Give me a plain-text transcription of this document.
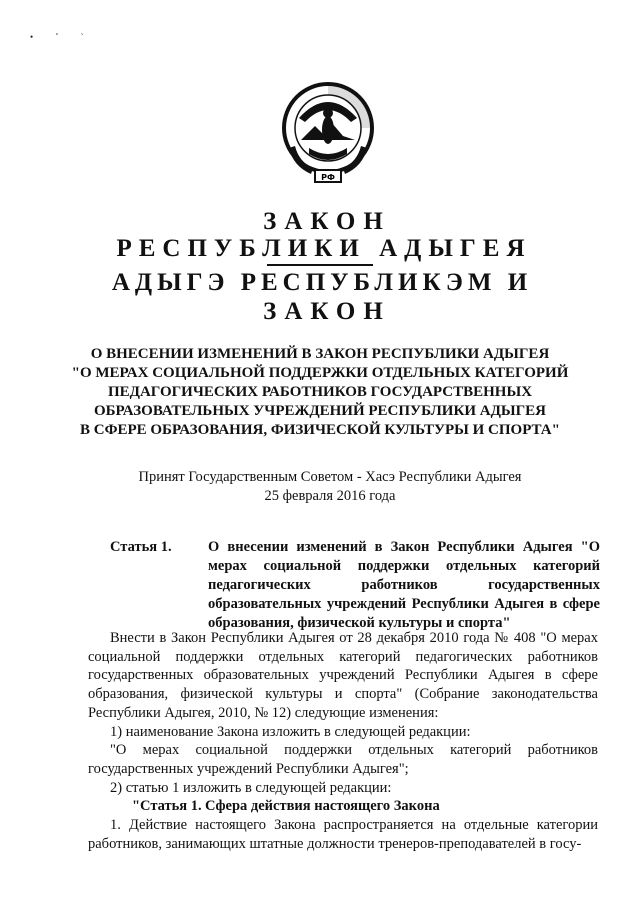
• ˚ `
РФ
ЗАКОН
РЕСПУБЛИКИ АДЫГЕЯ
АДЫГЭ РЕСПУБЛИКЭМ И
ЗАКОН
О ВНЕСЕНИИ ИЗМЕНЕНИЙ В ЗАКОН РЕСПУБЛИКИ АДЫГЕЯ
"О МЕРАХ СОЦИАЛЬНОЙ ПОДДЕРЖКИ ОТДЕЛЬНЫХ КАТЕГОРИЙ
ПЕДАГОГИЧЕСКИХ РАБОТНИКОВ ГОСУДАРСТВЕННЫХ
ОБРАЗОВАТЕЛЬНЫХ УЧРЕЖДЕНИЙ РЕСПУБЛИКИ АДЫГЕЯ
В СФЕРЕ ОБРАЗОВАНИЯ, ФИЗИЧЕСКОЙ КУЛЬТУРЫ И СПОРТА"
Принят Государственным Советом - Хасэ Республики Адыгея
25 февраля 2016 года
Статья 1.	О внесении изменений в Закон Республики Адыгея "О мерах социальной поддержки отдельных категорий педагогических работников государственных образовательных учреждений Республики Адыгея в сфере образования, физической культуры и спорта"

Внести в Закон Республики Адыгея от 28 декабря 2010 года № 408 "О мерах социальной поддержки отдельных категорий педагогических работников государственных образовательных учреждений Республики Адыгея в сфере образования, физической культуры и спорта" (Собрание законодательства Республики Адыгея, 2010, № 12) следующие изменения:

1) наименование Закона изложить в следующей редакции:

"О мерах социальной поддержки отдельных категорий работников государственных учреждений Республики Адыгея";

2) статью 1 изложить в следующей редакции:

"Статья 1. Сфера действия настоящего Закона

1. Действие настоящего Закона распространяется на отдельные категории работников, занимающих штатные должности тренеров-преподавателей в госу-
